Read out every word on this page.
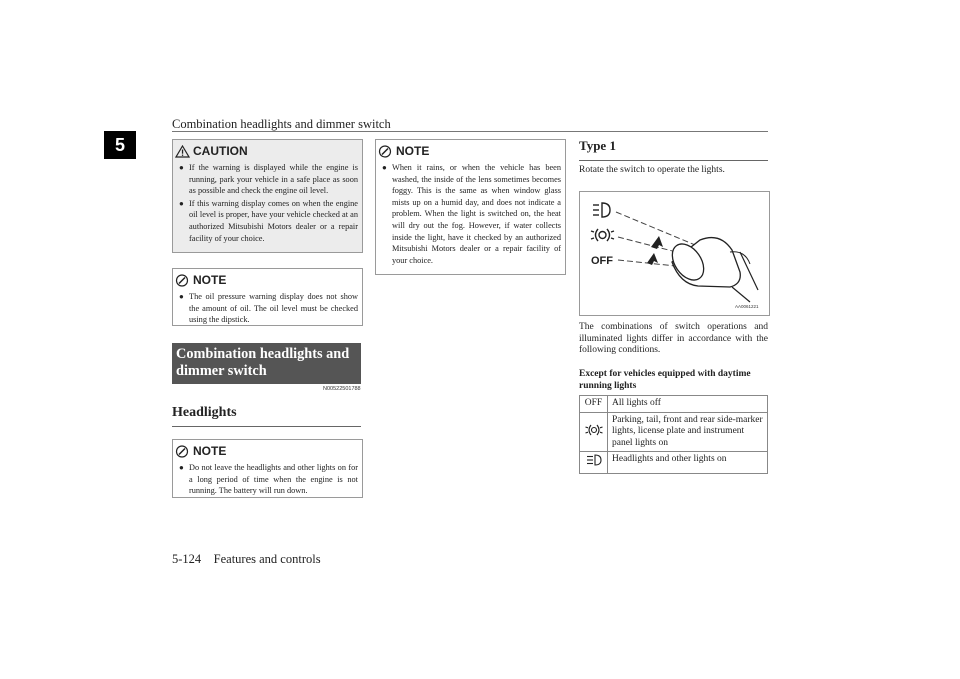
Combination headlights and dimmer switch
5	CAUTION
● If the warning is displayed while the engine is running, park your vehicle in a safe place as soon as possible and check the engine oil level.
● If this warning display comes on when the engine oil level is proper, have your vehicle checked at an authorized Mitsubishi Motors dealer or a repair facility of your choice.
NOTE
● The oil pressure warning display does not show the amount of oil. The oil level must be checked using the dipstick.
Combination headlights and dimmer switch
N00522501788
Headlights
NOTE
● Do not leave the headlights and other lights on for a long period of time when the engine is not running. The battery will run down.
NOTE
● When it rains, or when the vehicle has been washed, the inside of the lens sometimes becomes foggy. This is the same as when window glass mists up on a humid day, and does not indicate a problem. When the light is switched on, the heat will dry out the fog. However, if water collects inside the light, have it checked by an authorized Mitsubishi Motors dealer or a repair facility of your choice.
Type 1
Rotate the switch to operate the lights.
OFF
AA0061221
The combinations of switch operations and illuminated lights differ in accordance with the following conditions.
Except for vehicles equipped with daytime running lights
OFF	All lights off
	Parking, tail, front and rear side-marker lights, license plate and instrument panel lights on
	Headlights and other lights on
5-124    Features and controls
